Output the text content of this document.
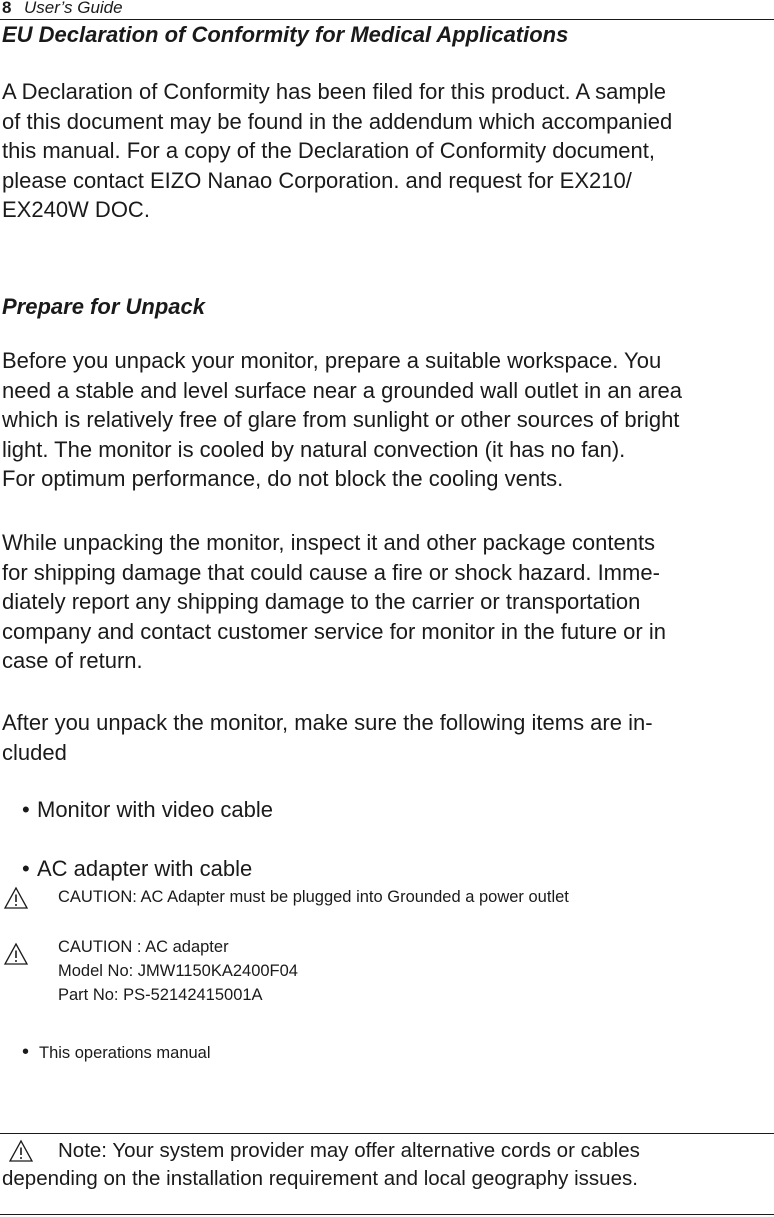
8 User’s Guide
EU Declaration of Conformity for Medical Applications
A Declaration of Conformity has been filed for this product. A sample
of this document may be found in the addendum which accompanied
this manual. For a copy of the Declaration of Conformity document,
please contact EIZO Nanao Corporation. and request for EX210/
EX240W DOC.
Prepare for Unpack
Before you unpack your monitor, prepare a suitable workspace. You
need a stable and level surface near a grounded wall outlet in an area
which is relatively free of glare from sunlight or other sources of bright
light. The monitor is cooled by natural convection (it has no fan).
For optimum performance, do not block the cooling vents.
While unpacking the monitor, inspect it and other package contents
for shipping damage that could cause a fire or shock hazard. Imme-
diately report any shipping damage to the carrier or transportation
company and contact customer service for monitor in the future or in
case of return.
After you unpack the monitor, make sure the following items are in-
cluded
• Monitor with video cable
• AC adapter with cable
CAUTION: AC Adapter must be plugged into Grounded a power outlet
CAUTION : AC adapter
Model No: JMW1150KA2400F04
Part No: PS-52142415001A
• This operations manual
Note: Your system provider may offer alternative cords or cables
depending on the installation requirement and local geography issues.
